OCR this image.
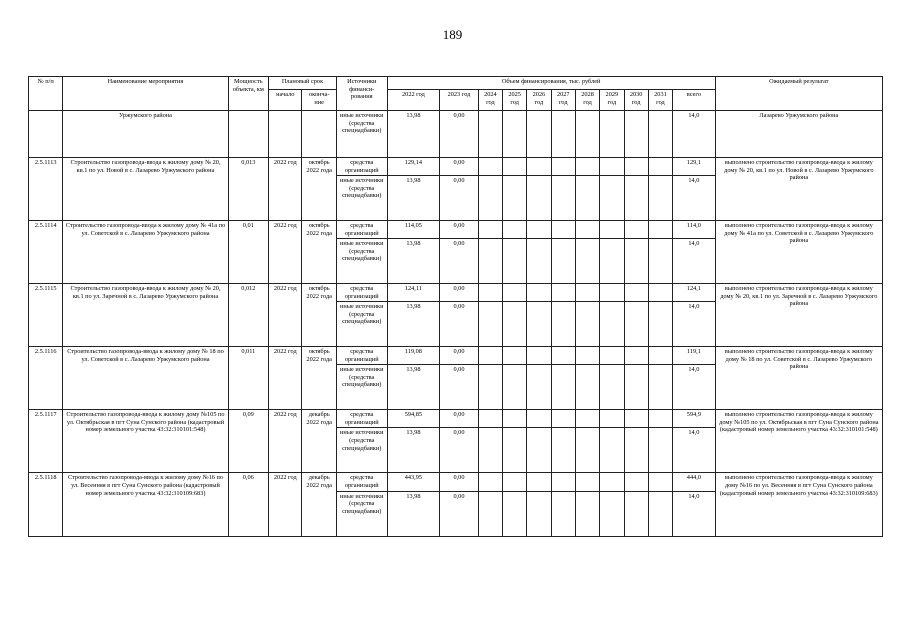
189
№ п/п	Наименование мероприятия	Мощность объекта, км	Плановый срок		Источники финанси-рования	Объем финансирования, тыс. рублей											Ожидаемый результат
			начало	оконча-ние		2022 год	2023 год	2024 год	2025 год	2026 год	2027 год	2028 год	2029 год	2030 год	2031 год	всего	
	Уржумского района				иные источники (средства спецнадбавки)	13,98	0,00									14,0	Лазарево Уржумского района
2.5.1113	Строительство газопровода-ввода к жилому дому № 20, кв.1 по ул. Новой в с. Лазарево Уржумского района	0,013	2022 год	октябрь 2022 года	средства организаций	129,14	0,00									129,1	выполнено строительство газопровода-ввода к жилому дому № 20, кв.1 по ул. Новой в с. Лазарево Уржумского района
					иные источники (средства спецнадбавки)	13,98	0,00									14,0	
2.5.1114	Строительство газопровода-ввода к жилому дому № 41а по ул. Советской в с. Лазарево Уржумского района	0,01	2022 год	октябрь 2022 года	средства организаций	114,05	0,00									114,0	выполнено строительство газопровода-ввода к жилому дому № 41а по ул. Советской в с. Лазарево Уржумского района
					иные источники (средства спецнадбавки)	13,98	0,00									14,0	
2.5.1115	Строительство газопровода-ввода к жилому дому № 20, кв.1 по ул. Заречной в с. Лазарево Уржумского района	0,012	2022 год	октябрь 2022 года	средства организаций	124,11	0,00									124,1	выполнено строительство газопровода-ввода к жилому дому № 20, кв.1 по ул. Заречной в с. Лазарево Уржумского района
					иные источники (средства спецнадбавки)	13,98	0,00									14,0	
2.5.1116	Строительство газопровода-ввода к жилому дому № 18 по ул. Советской в с. Лазарево Уржумского района	0,011	2022 год	октябрь 2022 года	средства организаций	119,08	0,00									119,1	выполнено строительство газопровода-ввода к жилому дому № 18 по ул. Советской в с. Лазарево Уржумского района
					иные источники (средства спецнадбавки)	13,98	0,00									14,0	
2.5.1117	Строительство газопровода-ввода к жилому дому №105 по ул. Октябрьская в пгт Суна Сунского района (кадастровый номер земельного участка 43:32:310101:548)	0,09	2022 год	декабрь 2022 года	средства организаций	594,85	0,00									594,9	выполнено строительство газопровода-ввода к жилому дому №105 по ул. Октябрьская в пгт Суна Сунского района (кадастровый номер земельного участка 43:32:310101:548)
					иные источники (средства спецнадбавки)	13,98	0,00									14,0	
2.5.1118	Строительство газопровода-ввода к жилому дому №16 по ул. Весенняя в пгт Суна Сунского района (кадастровый номер земельного участка 43:32:310109:683)	0,06	2022 год	декабрь 2022 года	средства организаций	443,95	0,00									444,0	выполнено строительство газопровода-ввода к жилому дому №16 по ул. Весенняя в пгт Суна Сунского района (кадастровый номер земельного участка 43:32:310109:683)
					иные источники (средства спецнадбавки)	13,98	0,00									14,0	
